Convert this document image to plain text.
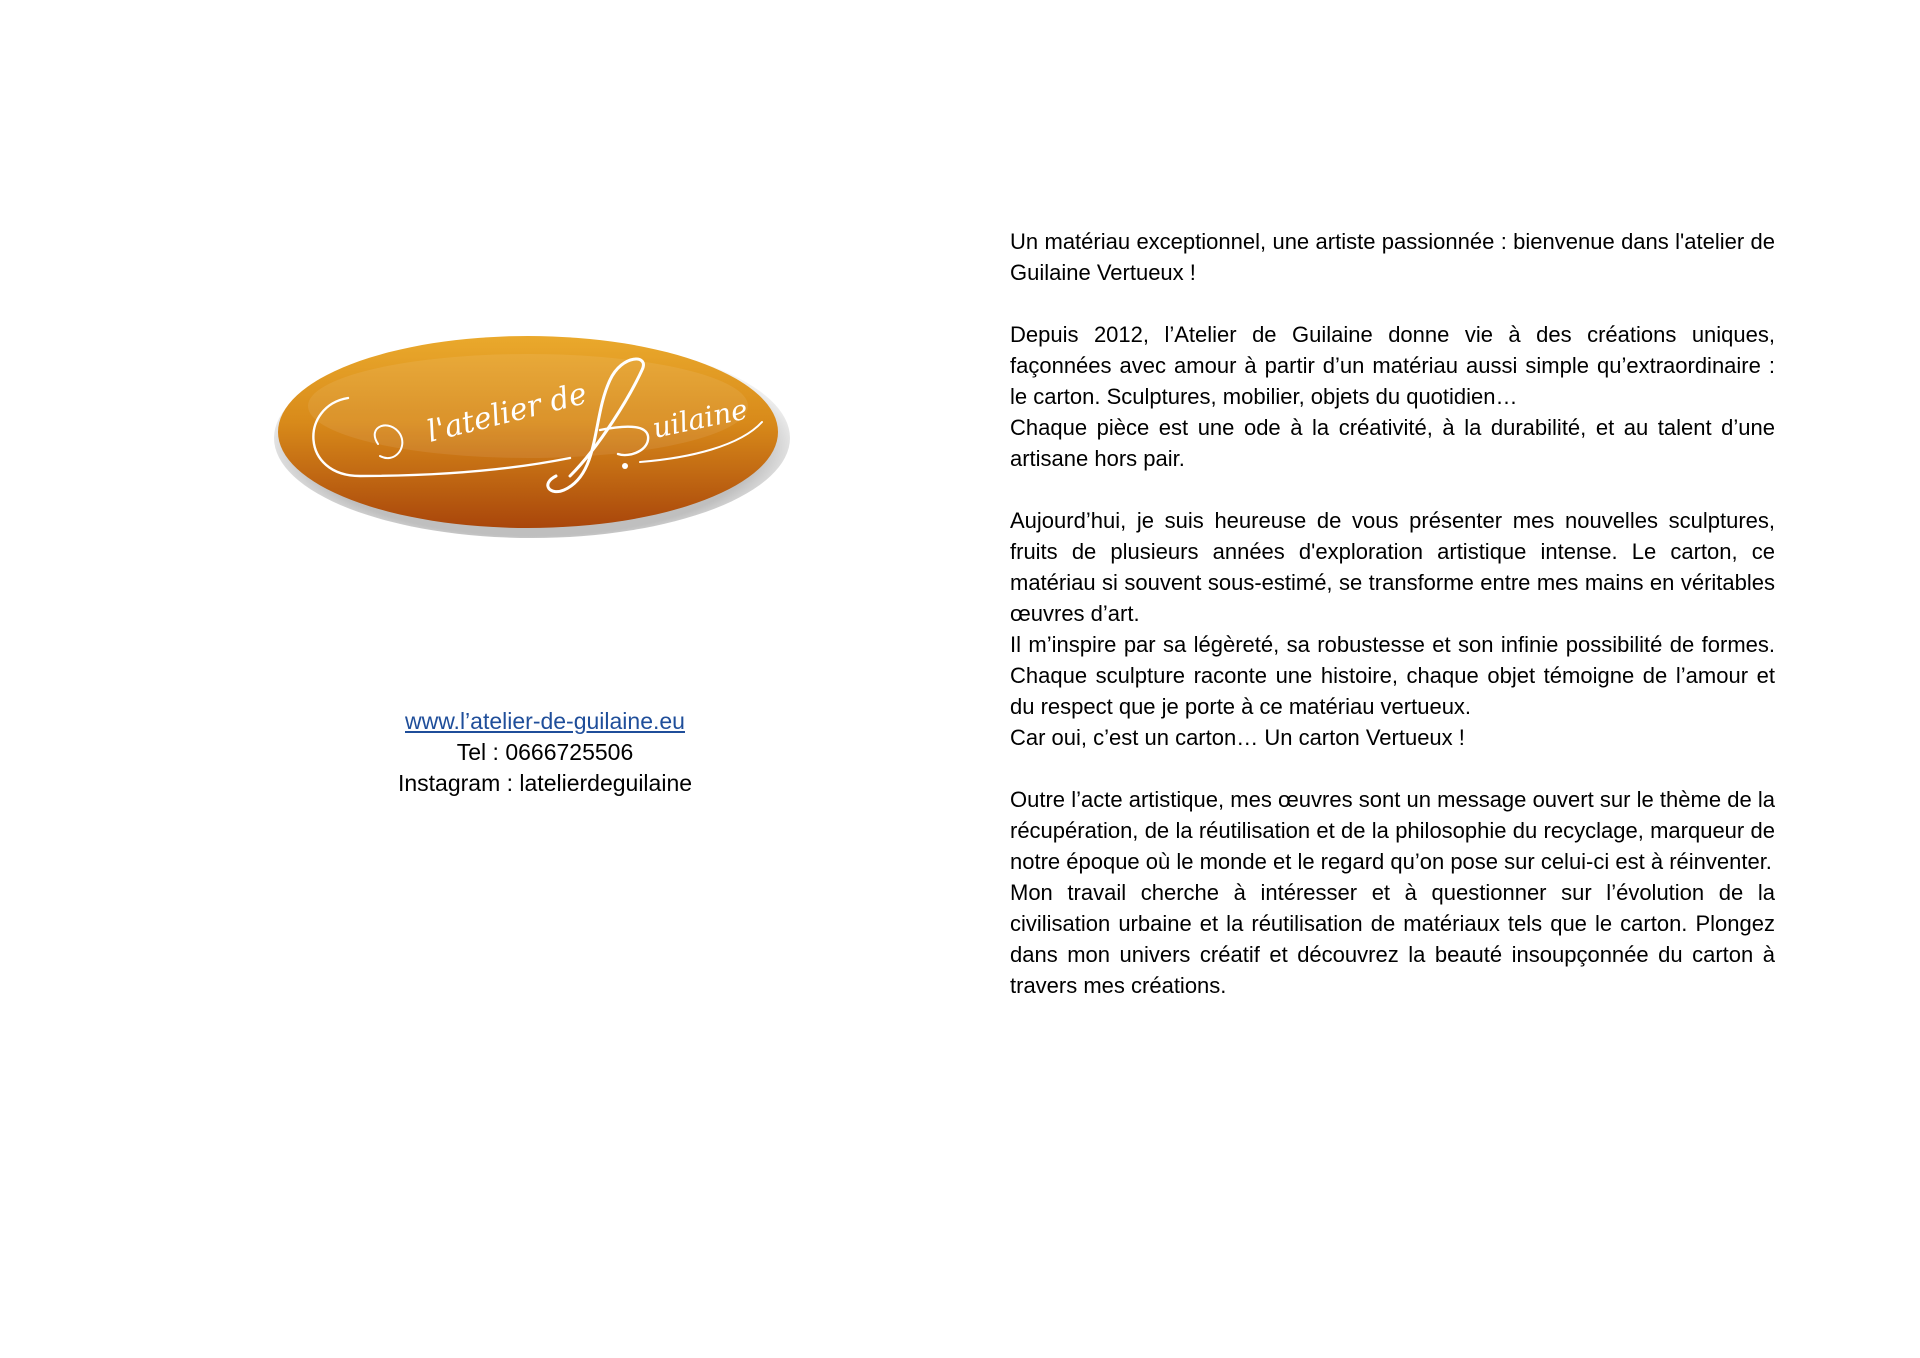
l'atelier de uilaine
www.l’atelier-de-guilaine.eu
Tel : 0666725506
Instagram : latelierdeguilaine

Un matériau exceptionnel, une artiste passionnée : bienvenue dans l'atelier de Guilaine Vertueux !

Depuis 2012, l’Atelier de Guilaine donne vie à des créations uniques, façonnées avec amour à partir d’un matériau aussi simple qu’extraordinaire : le carton. Sculptures, mobilier, objets du quotidien…

Chaque pièce est une ode à la créativité, à la durabilité, et au talent d’une artisane hors pair.

Aujourd’hui, je suis heureuse de vous présenter mes nouvelles sculptures, fruits de plusieurs années d'exploration artistique intense. Le carton, ce matériau si souvent sous-estimé, se transforme entre mes mains en véritables œuvres d’art.

Il m’inspire par sa légèreté, sa robustesse et son infinie possibilité de formes. Chaque sculpture raconte une histoire, chaque objet témoigne de l’amour et du respect que je porte à ce matériau vertueux.

Car oui, c’est un carton… Un carton Vertueux !

Outre l’acte artistique, mes œuvres sont un message ouvert sur le thème de la récupération, de la réutilisation et de la philosophie du recyclage, marqueur de notre époque où le monde et le regard qu’on pose sur celui-ci est à réinventer.

Mon travail cherche à intéresser et à questionner sur l’évolution de la civilisation urbaine et la réutilisation de matériaux tels que le carton. Plongez dans mon univers créatif et découvrez la beauté insoupçonnée du carton à travers mes créations.
